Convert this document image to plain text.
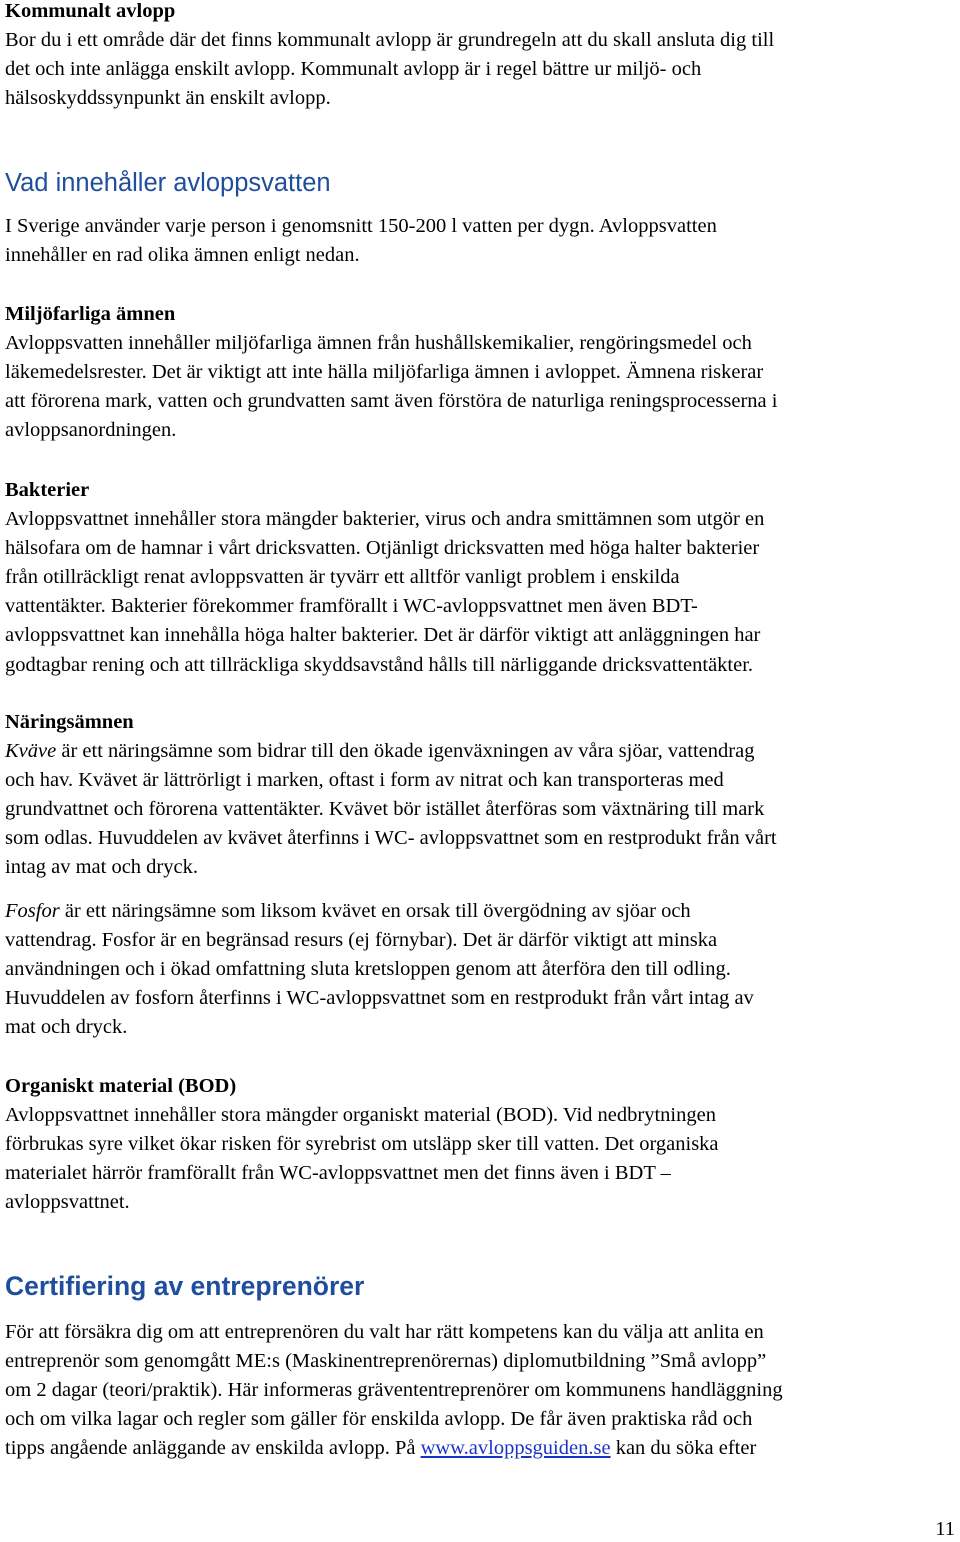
Kommunalt avlopp
Bor du i ett område där det finns kommunalt avlopp är grundregeln att du skall ansluta dig till
det och inte anlägga enskilt avlopp. Kommunalt avlopp är i regel bättre ur miljö- och
hälsoskyddssynpunkt än enskilt avlopp.
Vad innehåller avloppsvatten
I Sverige använder varje person i genomsnitt 150-200 l vatten per dygn. Avloppsvatten
innehåller en rad olika ämnen enligt nedan.
Miljöfarliga ämnen
Avloppsvatten innehåller miljöfarliga ämnen från hushållskemikalier, rengöringsmedel och
läkemedelsrester. Det är viktigt att inte hälla miljöfarliga ämnen i avloppet. Ämnena riskerar
att förorena mark, vatten och grundvatten samt även förstöra de naturliga reningsprocesserna i
avloppsanordningen.
Bakterier
Avloppsvattnet innehåller stora mängder bakterier, virus och andra smittämnen som utgör en
hälsofara om de hamnar i vårt dricksvatten. Otjänligt dricksvatten med höga halter bakterier
från otillräckligt renat avloppsvatten är tyvärr ett alltför vanligt problem i enskilda
vattentäkter. Bakterier förekommer framförallt i WC-avloppsvattnet men även BDT-
avloppsvattnet kan innehålla höga halter bakterier. Det är därför viktigt att anläggningen har
godtagbar rening och att tillräckliga skyddsavstånd hålls till närliggande dricksvattentäkter.
Näringsämnen
Kväve är ett näringsämne som bidrar till den ökade igenväxningen av våra sjöar, vattendrag
och hav. Kvävet är lättrörligt i marken, oftast i form av nitrat och kan transporteras med
grundvattnet och förorena vattentäkter. Kvävet bör istället återföras som växtnäring till mark
som odlas. Huvuddelen av kvävet återfinns i WC- avloppsvattnet som en restprodukt från vårt
intag av mat och dryck.
Fosfor är ett näringsämne som liksom kvävet en orsak till övergödning av sjöar och
vattendrag. Fosfor är en begränsad resurs (ej förnybar). Det är därför viktigt att minska
användningen och i ökad omfattning sluta kretsloppen genom att återföra den till odling.
Huvuddelen av fosforn återfinns i WC-avloppsvattnet som en restprodukt från vårt intag av
mat och dryck.
Organiskt material (BOD)
Avloppsvattnet innehåller stora mängder organiskt material (BOD). Vid nedbrytningen
förbrukas syre vilket ökar risken för syrebrist om utsläpp sker till vatten. Det organiska
materialet härrör framförallt från WC-avloppsvattnet men det finns även i BDT –
avloppsvattnet.
Certifiering av entreprenörer
För att försäkra dig om att entreprenören du valt har rätt kompetens kan du välja att anlita en
entreprenör som genomgått ME:s (Maskinentreprenörernas) diplomutbildning ”Små avlopp”
om 2 dagar (teori/praktik). Här informeras grävententreprenörer om kommunens handläggning
och om vilka lagar och regler som gäller för enskilda avlopp. De får även praktiska råd och
tipps angående anläggande av enskilda avlopp. På www.avloppsguiden.se kan du söka efter
11
